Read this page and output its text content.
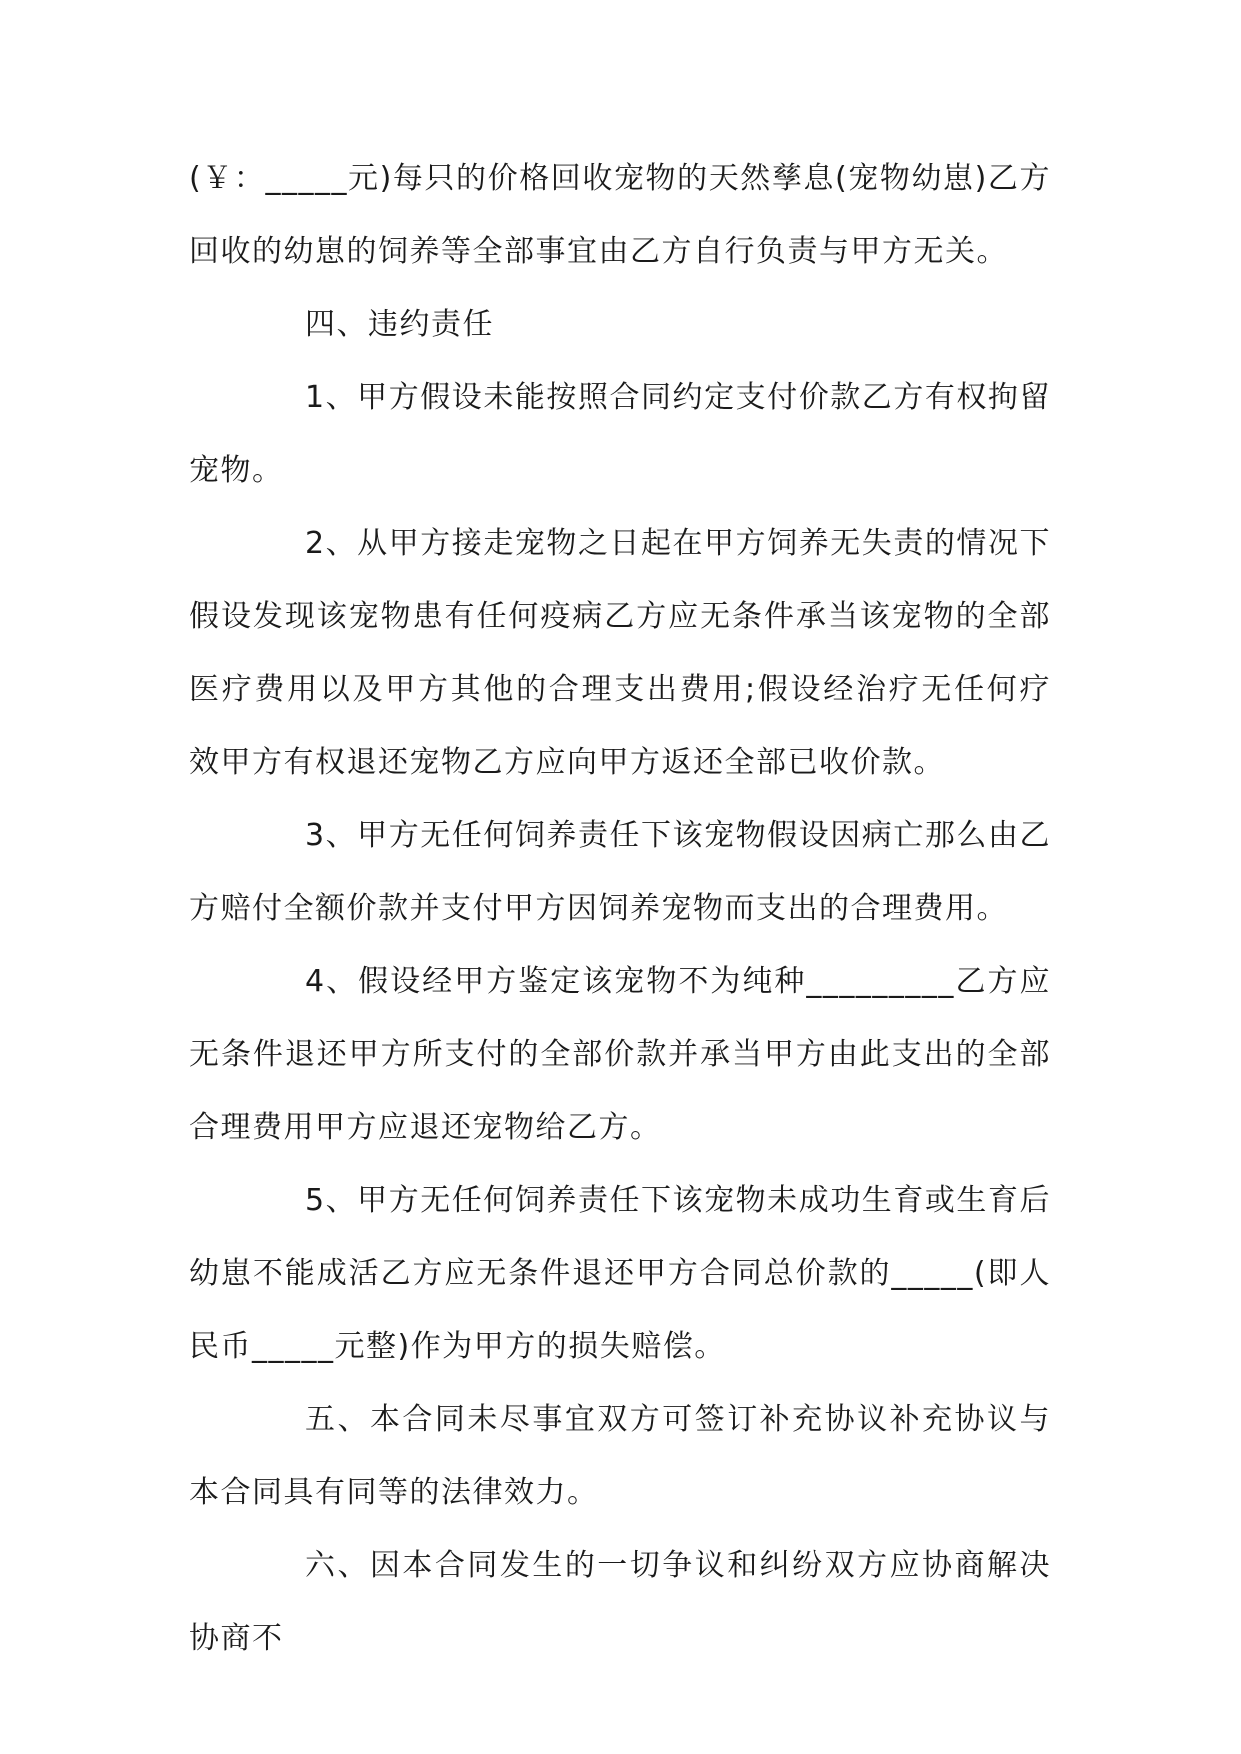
(￥：_____元)每只的价格回收宠物的天然孳息(宠物幼崽)乙方回收的幼崽的饲养等全部事宜由乙方自行负责与甲方无关。

四、违约责任

1、甲方假设未能按照合同约定支付价款乙方有权拘留宠物。

2、从甲方接走宠物之日起在甲方饲养无失责的情况下假设发现该宠物患有任何疫病乙方应无条件承当该宠物的全部医疗费用以及甲方其他的合理支出费用;假设经治疗无任何疗效甲方有权退还宠物乙方应向甲方返还全部已收价款。

3、甲方无任何饲养责任下该宠物假设因病亡那么由乙方赔付全额价款并支付甲方因饲养宠物而支出的合理费用。

4、假设经甲方鉴定该宠物不为纯种_________乙方应无条件退还甲方所支付的全部价款并承当甲方由此支出的全部合理费用甲方应退还宠物给乙方。

5、甲方无任何饲养责任下该宠物未成功生育或生育后幼崽不能成活乙方应无条件退还甲方合同总价款的_____(即人民币_____元整)作为甲方的损失赔偿。

五、本合同未尽事宜双方可签订补充协议补充协议与本合同具有同等的法律效力。

六、因本合同发生的一切争议和纠纷双方应协商解决协商不
